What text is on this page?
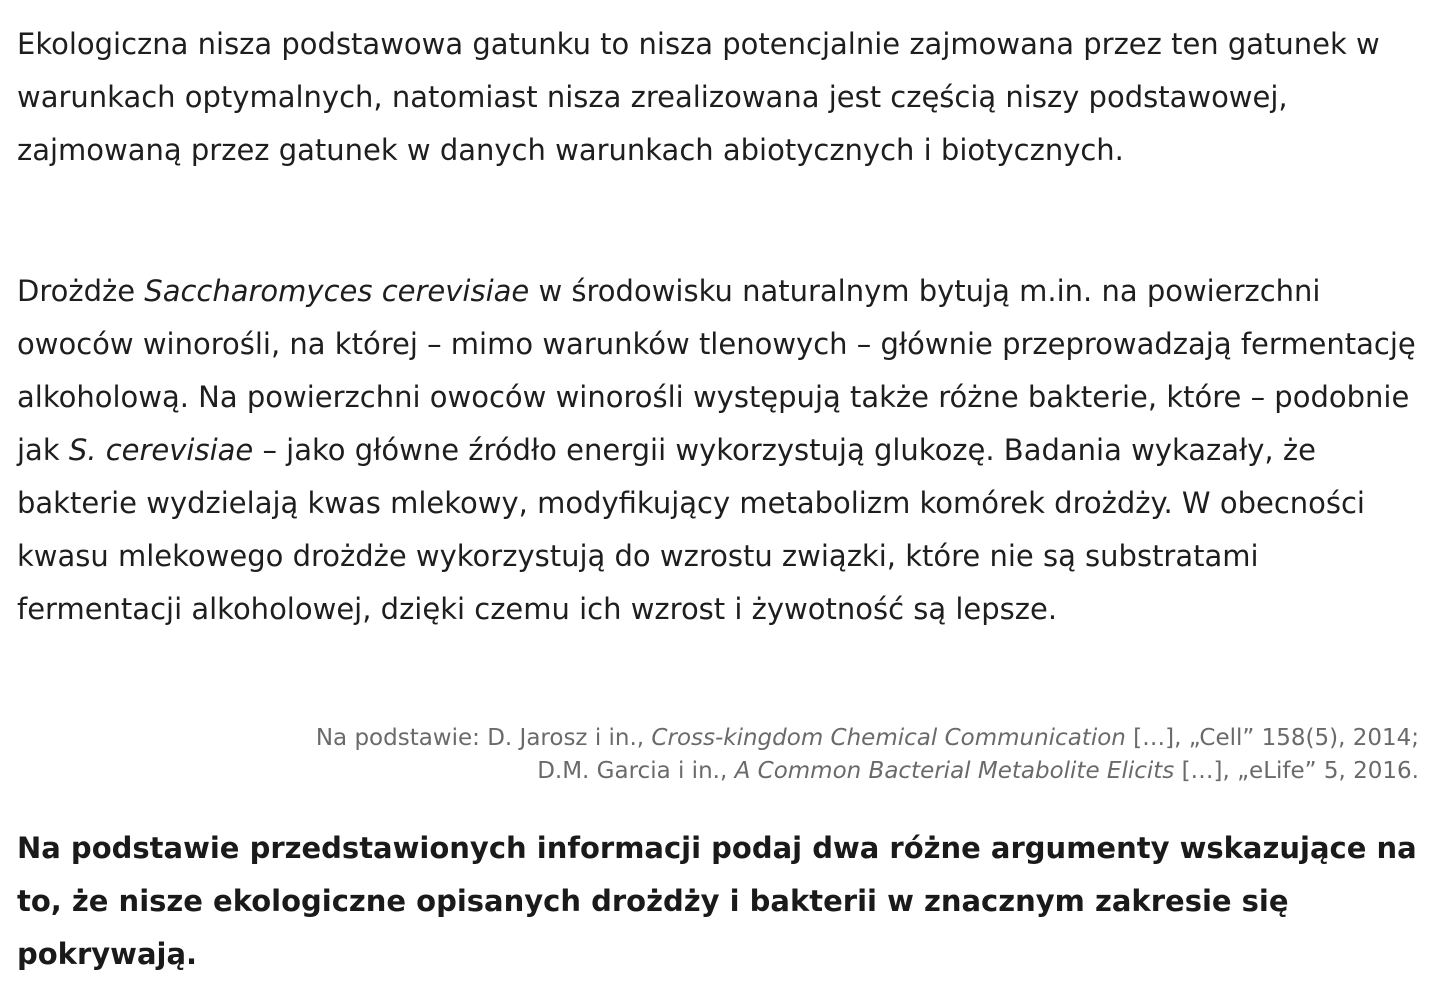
Ekologiczna nisza podstawowa gatunku to nisza potencjalnie zajmowana przez ten gatunek w warunkach optymalnych, natomiast nisza zrealizowana jest częścią niszy podstawowej, zajmowaną przez gatunek w danych warunkach abiotycznych i biotycznych.

Drożdże Saccharomyces cerevisiae w środowisku naturalnym bytują m.in. na powierzchni owoców winorośli, na której – mimo warunków tlenowych – głównie przeprowadzają fermentację alkoholową. Na powierzchni owoców winorośli występują także różne bakterie, które – podobnie jak S. cerevisiae – jako główne źródło energii wykorzystują glukozę. Badania wykazały, że bakterie wydzielają kwas mlekowy, modyfikujący metabolizm komórek drożdży. W obecności kwasu mlekowego drożdże wykorzystują do wzrostu związki, które nie są substratami fermentacji alkoholowej, dzięki czemu ich wzrost i żywotność są lepsze.

Na podstawie: D. Jarosz i in., Cross-kingdom Chemical Communication […], „Cell” 158(5), 2014;
D.M. Garcia i in., A Common Bacterial Metabolite Elicits […], „eLife” 5, 2016.

Na podstawie przedstawionych informacji podaj dwa różne argumenty wskazujące na to, że nisze ekologiczne opisanych drożdży i bakterii w znacznym zakresie się pokrywają.
